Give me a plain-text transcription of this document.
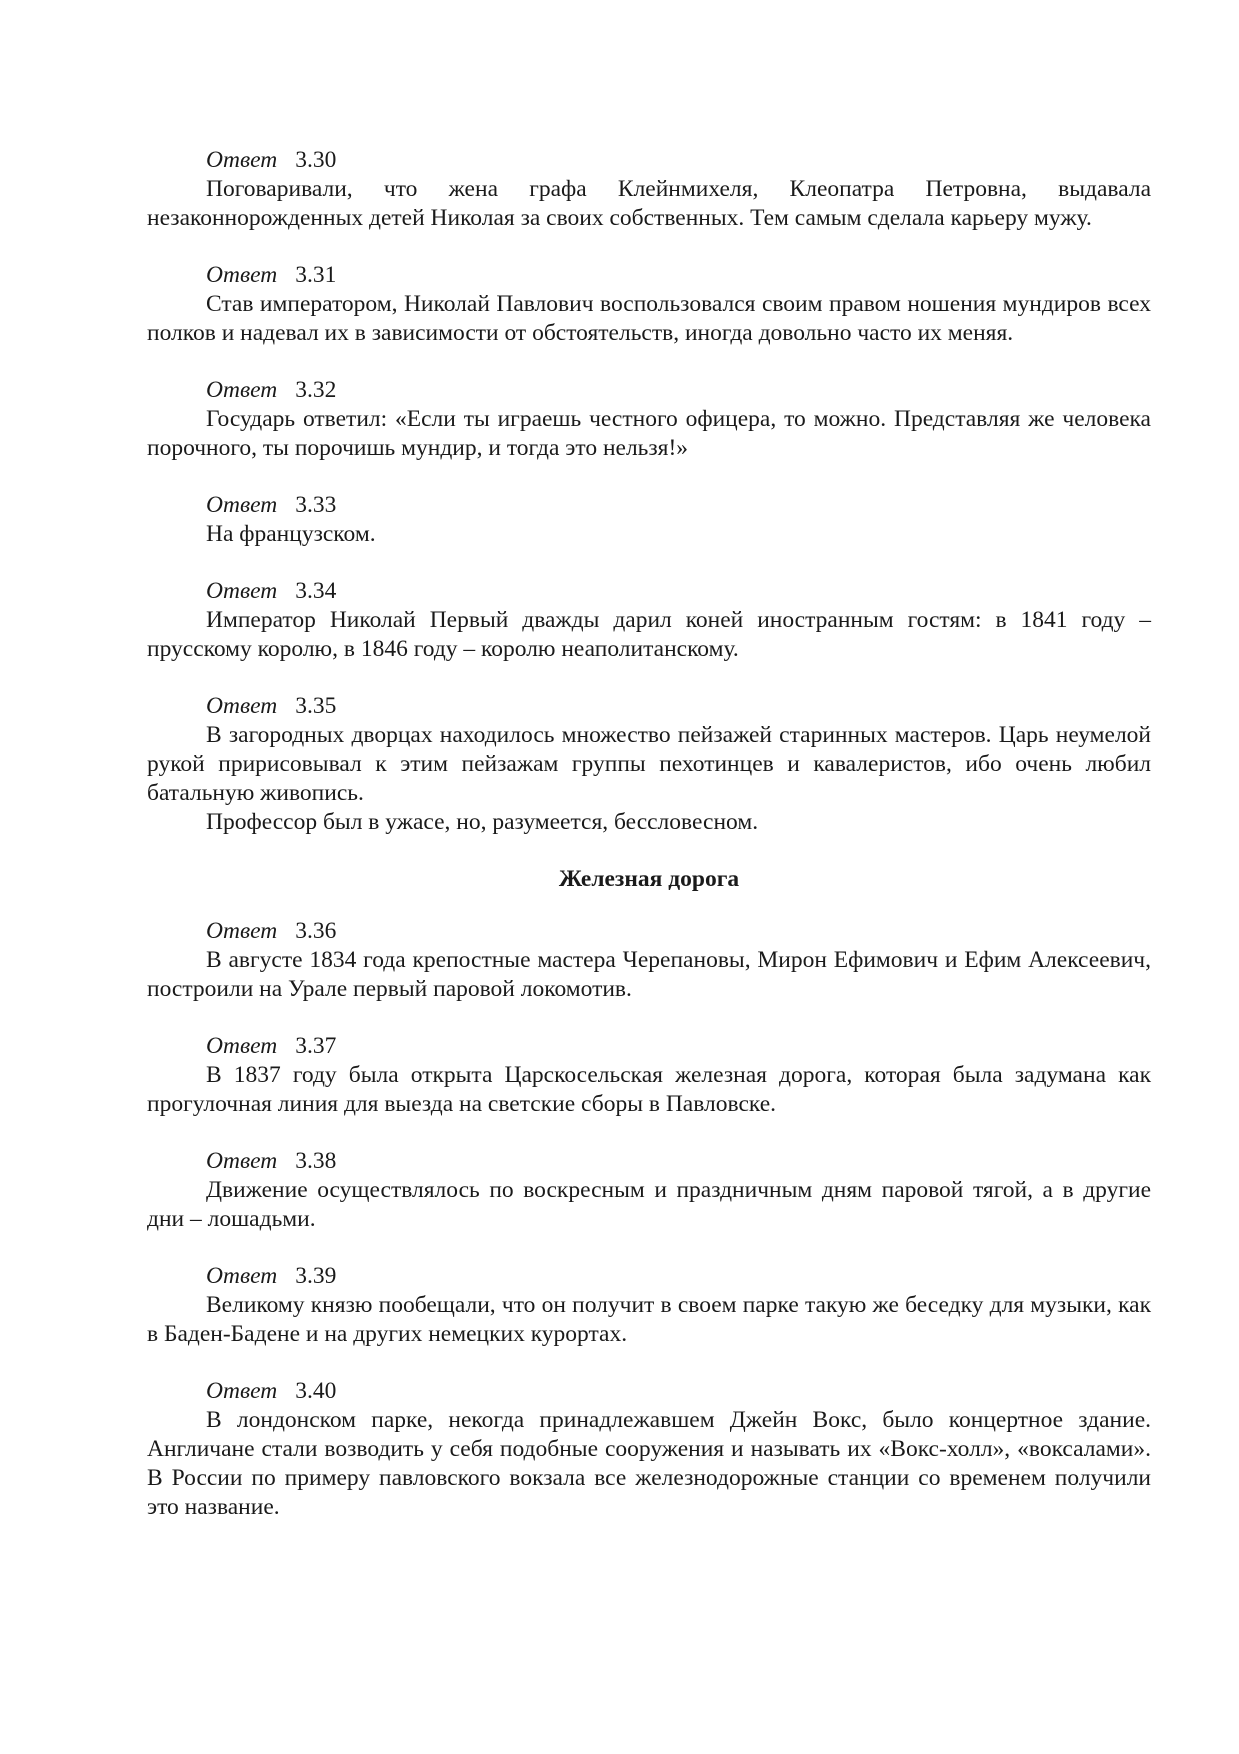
Ответ 3.30

Поговаривали, что жена графа Клейнмихеля, Клеопатра Петровна, выдавала незаконнорожденных детей Николая за своих собственных. Тем самым сделала карьеру мужу.

Ответ 3.31

Став императором, Николай Павлович воспользовался своим правом ношения мундиров всех полков и надевал их в зависимости от обстоятельств, иногда довольно часто их меняя.

Ответ 3.32

Государь ответил: «Если ты играешь честного офицера, то можно. Представляя же человека порочного, ты порочишь мундир, и тогда это нельзя!»

Ответ 3.33

На французском.

Ответ 3.34

Император Николай Первый дважды дарил коней иностранным гостям: в 1841 году – прусскому королю, в 1846 году – королю неаполитанскому.

Ответ 3.35

В загородных дворцах находилось множество пейзажей старинных мастеров. Царь неумелой рукой пририсовывал к этим пейзажам группы пехотинцев и кавалеристов, ибо очень любил батальную живопись.

Профессор был в ужасе, но, разумеется, бессловесном.

Железная дорога

Ответ 3.36

В августе 1834 года крепостные мастера Черепановы, Мирон Ефимович и Ефим Алексеевич, построили на Урале первый паровой локомотив.

Ответ 3.37

В 1837 году была открыта Царскосельская железная дорога, которая была задумана как прогулочная линия для выезда на светские сборы в Павловске.

Ответ 3.38

Движение осуществлялось по воскресным и праздничным дням паровой тягой, а в другие дни – лошадьми.

Ответ 3.39

Великому князю пообещали, что он получит в своем парке такую же беседку для музыки, как в Баден-Бадене и на других немецких курортах.

Ответ 3.40

В лондонском парке, некогда принадлежавшем Джейн Вокс, было концертное здание. Англичане стали возводить у себя подобные сооружения и называть их «Вокс-холл», «воксалами». В России по примеру павловского вокзала все железнодорожные станции со временем получили это название.
